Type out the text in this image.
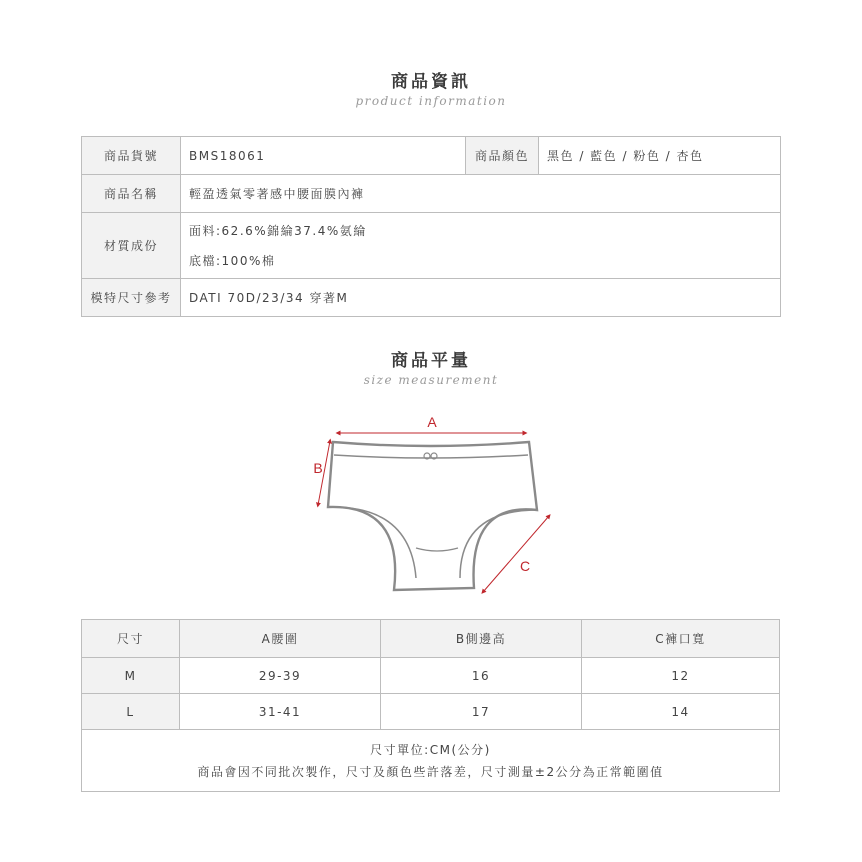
商品資訊
product information
商品貨號	BMS18061	商品顏色	黑色 / 藍色 / 粉色 / 杏色
商品名稱	輕盈透氣零著感中腰面膜內褲		
材質成份	面料:62.6%錦綸37.4%氨綸
底檔:100%棉		

模特尺寸參考	DATI 70D/23/34 穿著M		
商品平量
size measurement
A
B
C
尺寸	A腰圍	B側邊高	C褲口寬
M	29-39	16	12
L	31-41	17	14

尺寸單位:CM(公分)
商品會因不同批次製作，尺寸及顏色些許落差，尺寸測量±2公分為正常範圍值			
